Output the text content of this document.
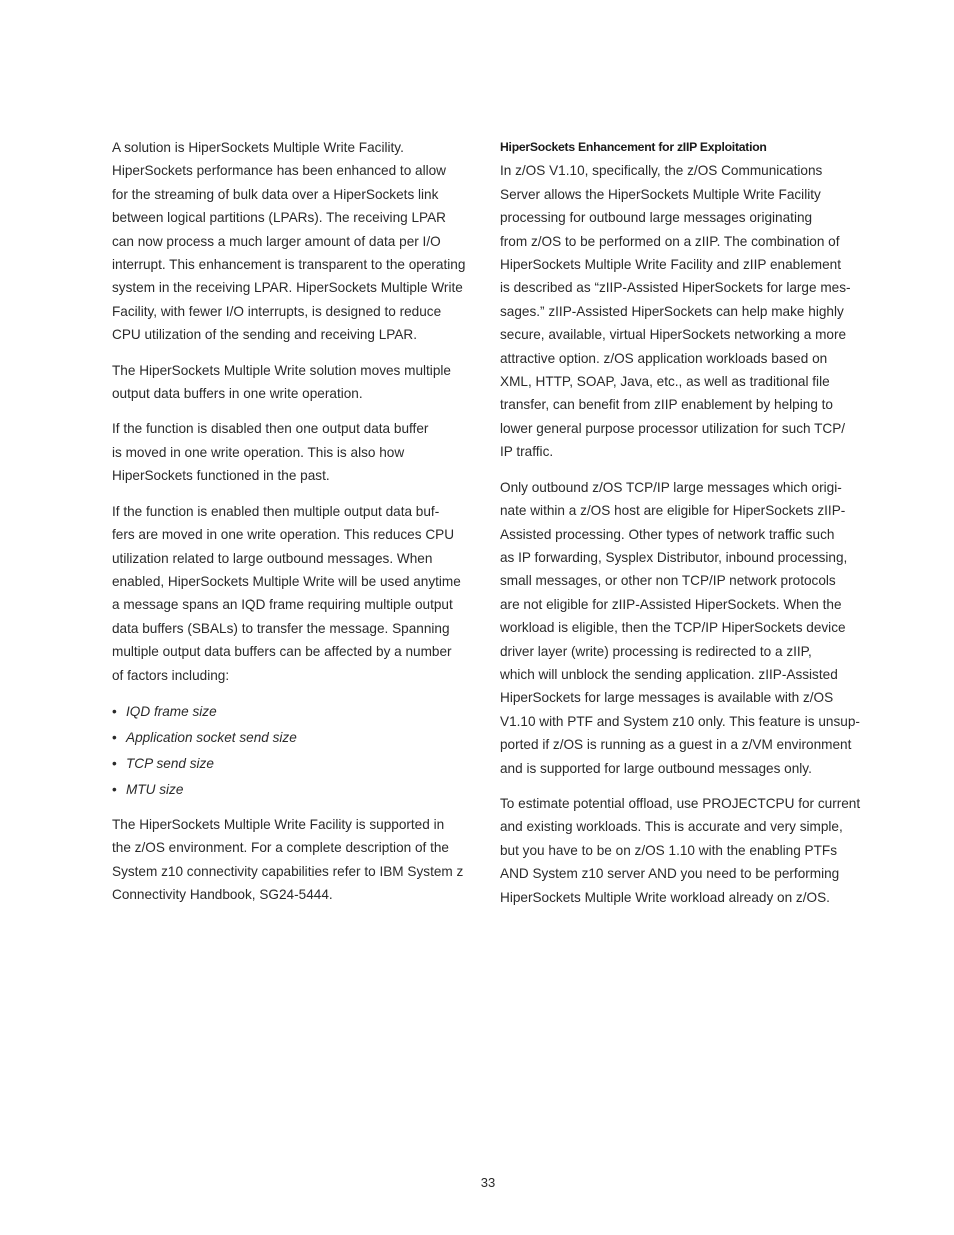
A solution is HiperSockets Multiple Write Facility.
HiperSockets performance has been enhanced to allow
for the streaming of bulk data over a HiperSockets link
between logical partitions (LPARs). The receiving LPAR
can now process a much larger amount of data per I/O
interrupt. This enhancement is transparent to the operating
system in the receiving LPAR. HiperSockets Multiple Write
Facility, with fewer I/O interrupts, is designed to reduce
CPU utilization of the sending and receiving LPAR.

The HiperSockets Multiple Write solution moves multiple
output data buffers in one write operation.

If the function is disabled then one output data buffer
is moved in one write operation. This is also how
HiperSockets functioned in the past.

If the function is enabled then multiple output data buf-
fers are moved in one write operation. This reduces CPU
utilization related to large outbound messages. When
enabled, HiperSockets Multiple Write will be used anytime
a message spans an IQD frame requiring multiple output
data buffers (SBALs) to transfer the message. Spanning
multiple output data buffers can be affected by a number
of factors including:

• IQD frame size
• Application socket send size
• TCP send size
• MTU size

The HiperSockets Multiple Write Facility is supported in
the z/OS environment. For a complete description of the
System z10 connectivity capabilities refer to IBM System z
Connectivity Handbook, SG24-5444.

HiperSockets Enhancement for zIIP Exploitation
In z/OS V1.10, specifically, the z/OS Communications
Server allows the HiperSockets Multiple Write Facility
processing for outbound large messages originating
from z/OS to be performed on a zIIP. The combination of
HiperSockets Multiple Write Facility and zIIP enablement
is described as “zIIP-Assisted HiperSockets for large mes-
sages.” zIIP-Assisted HiperSockets can help make highly
secure, available, virtual HiperSockets networking a more
attractive option. z/OS application workloads based on
XML, HTTP, SOAP, Java, etc., as well as traditional file
transfer, can benefit from zIIP enablement by helping to
lower general purpose processor utilization for such TCP/
IP traffic.

Only outbound z/OS TCP/IP large messages which origi-
nate within a z/OS host are eligible for HiperSockets zIIP-
Assisted processing. Other types of network traffic such
as IP forwarding, Sysplex Distributor, inbound processing,
small messages, or other non TCP/IP network protocols
are not eligible for zIIP-Assisted HiperSockets. When the
workload is eligible, then the TCP/IP HiperSockets device
driver layer (write) processing is redirected to a zIIP,
which will unblock the sending application. zIIP-Assisted
HiperSockets for large messages is available with z/OS
V1.10 with PTF and System z10 only. This feature is unsup-
ported if z/OS is running as a guest in a z/VM environment
and is supported for large outbound messages only.

To estimate potential offload, use PROJECTCPU for current
and existing workloads. This is accurate and very simple,
but you have to be on z/OS 1.10 with the enabling PTFs
AND System z10 server AND you need to be performing
HiperSockets Multiple Write workload already on z/OS.

33
